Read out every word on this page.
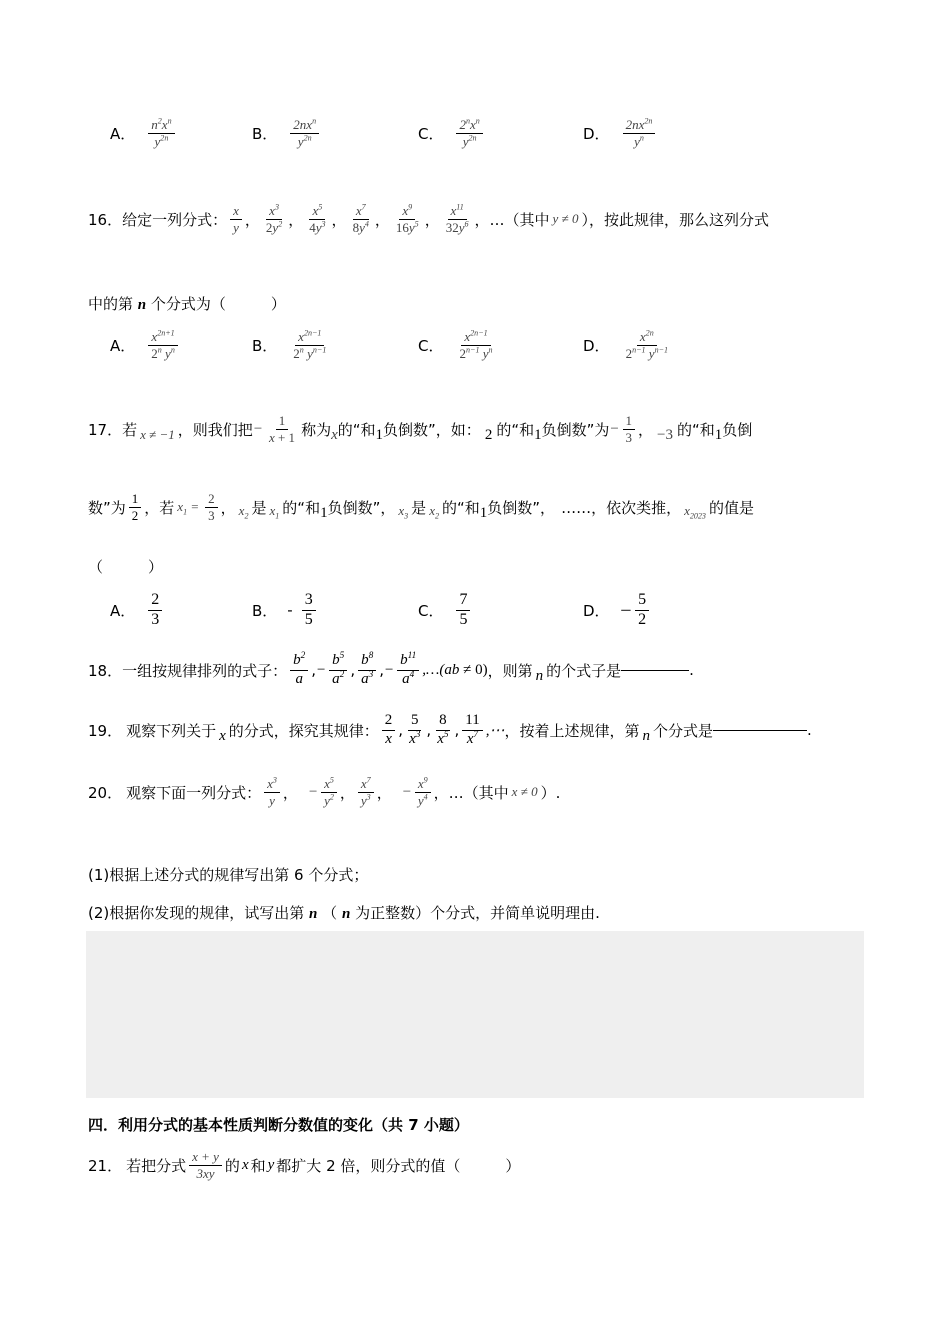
A．
$n^2x^n$
$y^{2n}$	B．
$2nx^n$
$y^{2n}$	C．
$2^nx^n$
$y^{2n}$	D．
$2nx^{2n}$
$y^n$
16． 给定一列分式：
x
y ，
$x^3$
$2y^2$ ，
$x^5$
$4y^3$ ，
$x^7$
$8y^4$ ，
$x^9$
$16y^5$ ，
$x^{11}$
$32y^6$ ，…（其中 y ≠ 0 ），按此规律，那么这列分式
中的第 n 个分式为（　　　）
A．
$x^{2n+1}$
2$^n$ $y^n$	B．
$x^{2n-1}$
2$^n$ $y^{n-1}$	C．
$x^{2n-1}$
$2^{n-1}$ $y^n$	D．
$x^{2n}$
$2^{n-1}$ $y^{n-1}$
17． 若 x ≠ −1 ，则我们把 − $\frac{1}{x + 1}$ 称为 x 的“和 1 负倒数”，如： 2 的“和 1 负倒数”为 − $\frac{1}{3}$ ， −3 的“和 1 负倒
数”为
1
2 ，若 $x_1 = \frac{2}{3}$ ， $x_2$ 是 $x_1$ 的“和 1 负倒数”， $x_3$ 是 $x_2$ 的“和 1 负倒数”， ……，依次类推， $x_{2023}$ 的值是
（　　　）
A．
2
3	B． -
3
5	C．
7
5	D． − $\frac{5}{2}$
18． 一组按规律排列的式子：
$b^2$
a , − $\frac{b^5}{a^2}$ ,
$b^8$
$a^3$ , − $\frac{b^{11}}{a^4}$ ,…(ab ≠ 0) ，则第 n 的个式子是	.
19． 观察下列关于 x 的分式，探究其规律：
2
x ,
5
$x^3$ ,
8
$x^5$ ,
11
$x^7$ ,⋯ ，按着上述规律，第 n 个分式是	.
20． 观察下面一列分式：
$x^3$
y ， − $\frac{x^5}{y^2}$ ，
$x^7$
$y^3$ ， − $\frac{x^9}{y^4}$ ，…（其中 x ≠ 0 ）.
(1)根据上述分式的规律写出第 6 个分式；
(2)根据你发现的规律，试写出第 n （ n 为正整数）个分式，并简单说明理由.
四．利用分式的基本性质判断分数值的变化（共 7 小题）
21． 若把分式
x + y
3xy 的 x 和 y 都扩大 2 倍，则分式的值（　　　）
